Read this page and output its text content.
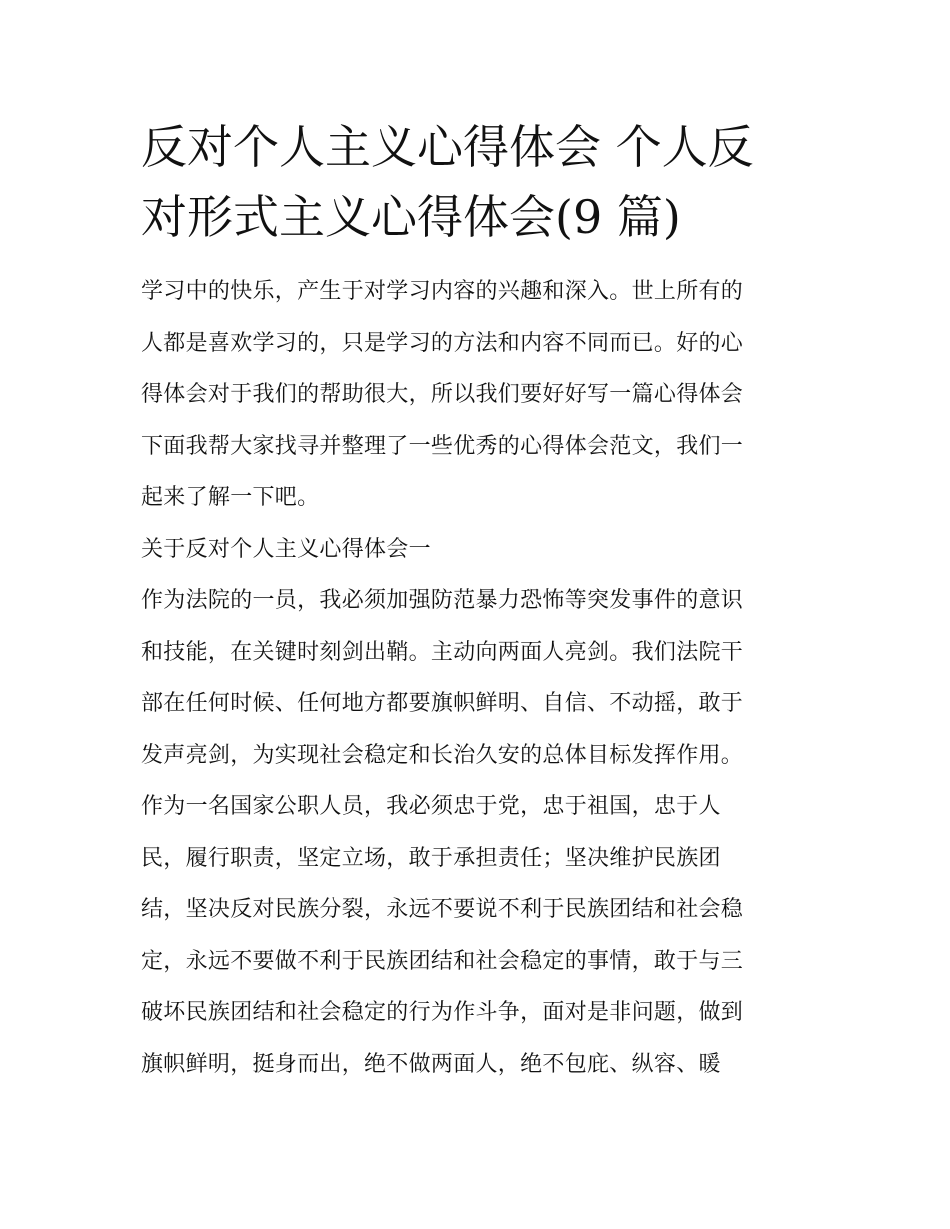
反对个人主义心得体会 个人反
对形式主义心得体会(9 篇)
学习中的快乐，产生于对学习内容的兴趣和深入。世上所有的
人都是喜欢学习的，只是学习的方法和内容不同而已。好的心
得体会对于我们的帮助很大，所以我们要好好写一篇心得体会
下面我帮大家找寻并整理了一些优秀的心得体会范文，我们一
起来了解一下吧。
关于反对个人主义心得体会一
作为法院的一员，我必须加强防范暴力恐怖等突发事件的意识
和技能，在关键时刻剑出鞘。主动向两面人亮剑。我们法院干
部在任何时候、任何地方都要旗帜鲜明、自信、不动摇，敢于
发声亮剑，为实现社会稳定和长治久安的总体目标发挥作用。
作为一名国家公职人员，我必须忠于党，忠于祖国，忠于人
民，履行职责，坚定立场，敢于承担责任；坚决维护民族团
结，坚决反对民族分裂，永远不要说不利于民族团结和社会稳
定，永远不要做不利于民族团结和社会稳定的事情，敢于与三
破坏民族团结和社会稳定的行为作斗争，面对是非问题，做到
旗帜鲜明，挺身而出，绝不做两面人，绝不包庇、纵容、暖
